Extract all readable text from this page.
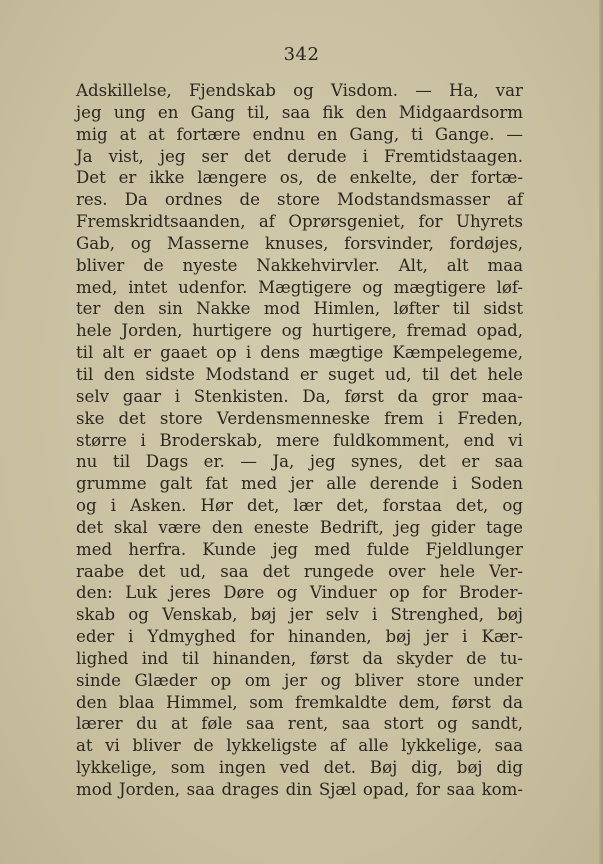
342
Adskillelse, Fjendskab og Visdom. — Ha, var
jeg ung en Gang til, saa fik den Midgaardsorm
mig at at fortære endnu en Gang, ti Gange. —
Ja vist, jeg ser det derude i Fremtidstaagen.
Det er ikke længere os, de enkelte, der fortæ-
res. Da ordnes de store Modstandsmasser af
Fremskridtsaanden, af Oprørsgeniet, for Uhyrets
Gab, og Masserne knuses, forsvinder, fordøjes,
bliver de nyeste Nakkehvirvler. Alt, alt maa
med, intet udenfor. Mægtigere og mægtigere løf-
ter den sin Nakke mod Himlen, løfter til sidst
hele Jorden, hurtigere og hurtigere, fremad opad,
til alt er gaaet op i dens mægtige Kæmpelegeme,
til den sidste Modstand er suget ud, til det hele
selv gaar i Stenkisten. Da, først da gror maa-
ske det store Verdensmenneske frem i Freden,
større i Broderskab, mere fuldkomment, end vi
nu til Dags er. — Ja, jeg synes, det er saa
grumme galt fat med jer alle derende i Soden
og i Asken. Hør det, lær det, forstaa det, og
det skal være den eneste Bedrift, jeg gider tage
med herfra. Kunde jeg med fulde Fjeldlunger
raabe det ud, saa det rungede over hele Ver-
den: Luk jeres Døre og Vinduer op for Broder-
skab og Venskab, bøj jer selv i Strenghed, bøj
eder i Ydmyghed for hinanden, bøj jer i Kær-
lighed ind til hinanden, først da skyder de tu-
sinde Glæder op om jer og bliver store under
den blaa Himmel, som fremkaldte dem, først da
lærer du at føle saa rent, saa stort og sandt,
at vi bliver de lykkeligste af alle lykkelige, saa
lykkelige, som ingen ved det. Bøj dig, bøj dig
mod Jorden, saa drages din Sjæl opad, for saa kom-
